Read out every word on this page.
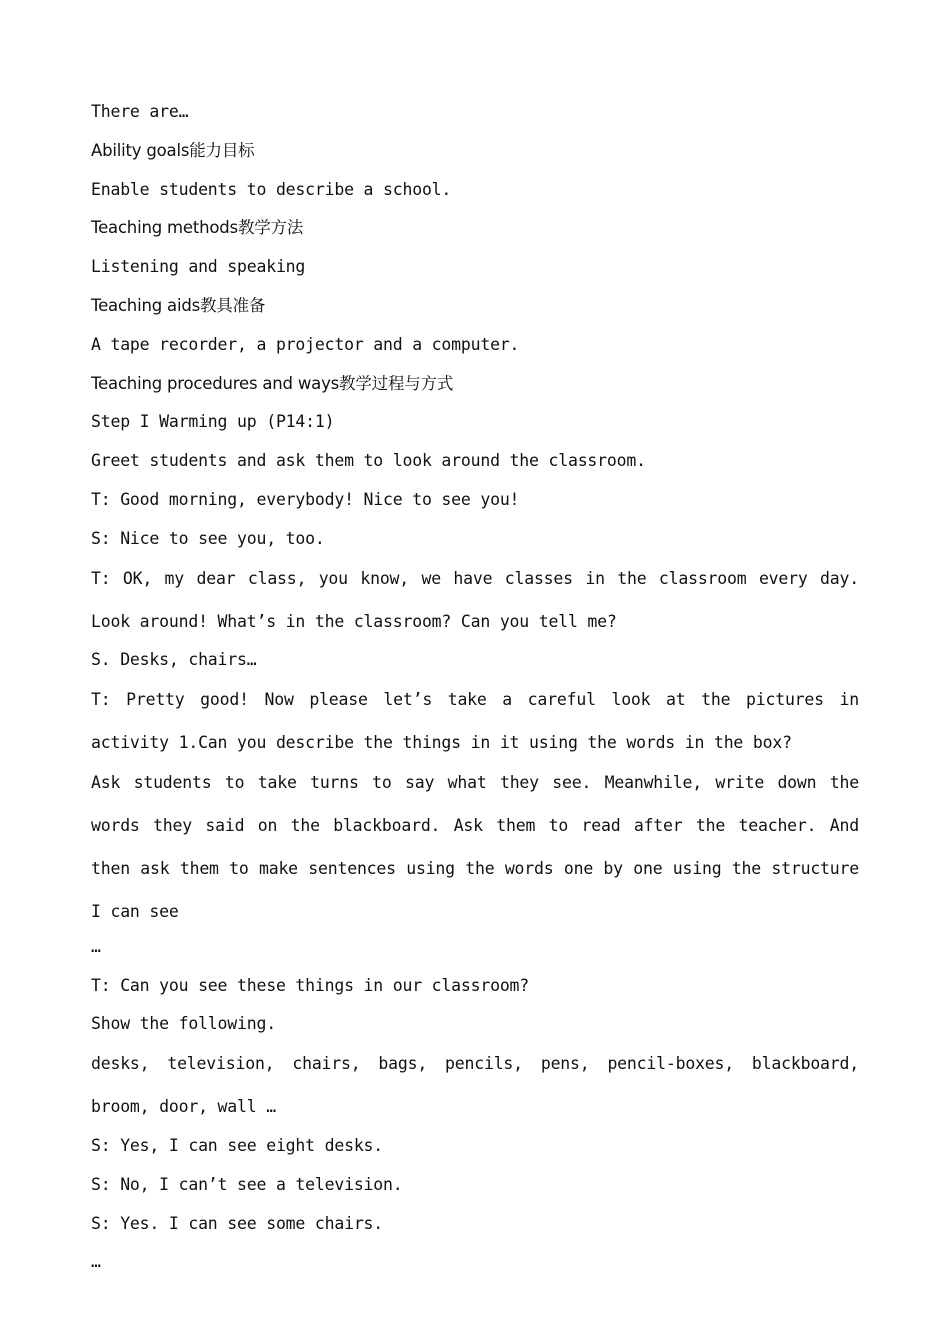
There are…
Ability goals能力目标
Enable students to describe a school.
Teaching methods教学方法
Listening and speaking
Teaching aids教具准备
A tape recorder, a projector and a computer.
Teaching procedures and ways教学过程与方式
Step I Warming up (P14:1)
Greet students and ask them to look around the classroom.
T: Good morning, everybody! Nice to see you!
S: Nice to see you, too.
T: OK, my dear class, you know, we have classes in the classroom every day. Look around! What’s in the classroom? Can you tell me?
S. Desks, chairs…
T: Pretty good! Now please let’s take a careful look at the pictures in activity 1.Can you describe the things in it using the words in the box?
Ask students to take turns to say what they see. Meanwhile, write down the words they said on the blackboard. Ask them to read after the teacher. And then ask them to make sentences using the words one by one using the structure I can see
…
T: Can you see these things in our classroom?
Show the following.
desks, television, chairs, bags, pencils, pens, pencil-boxes, blackboard, broom, door, wall …
S: Yes, I can see eight desks.
S: No, I can’t see a television.
S: Yes. I can see some chairs.
…
